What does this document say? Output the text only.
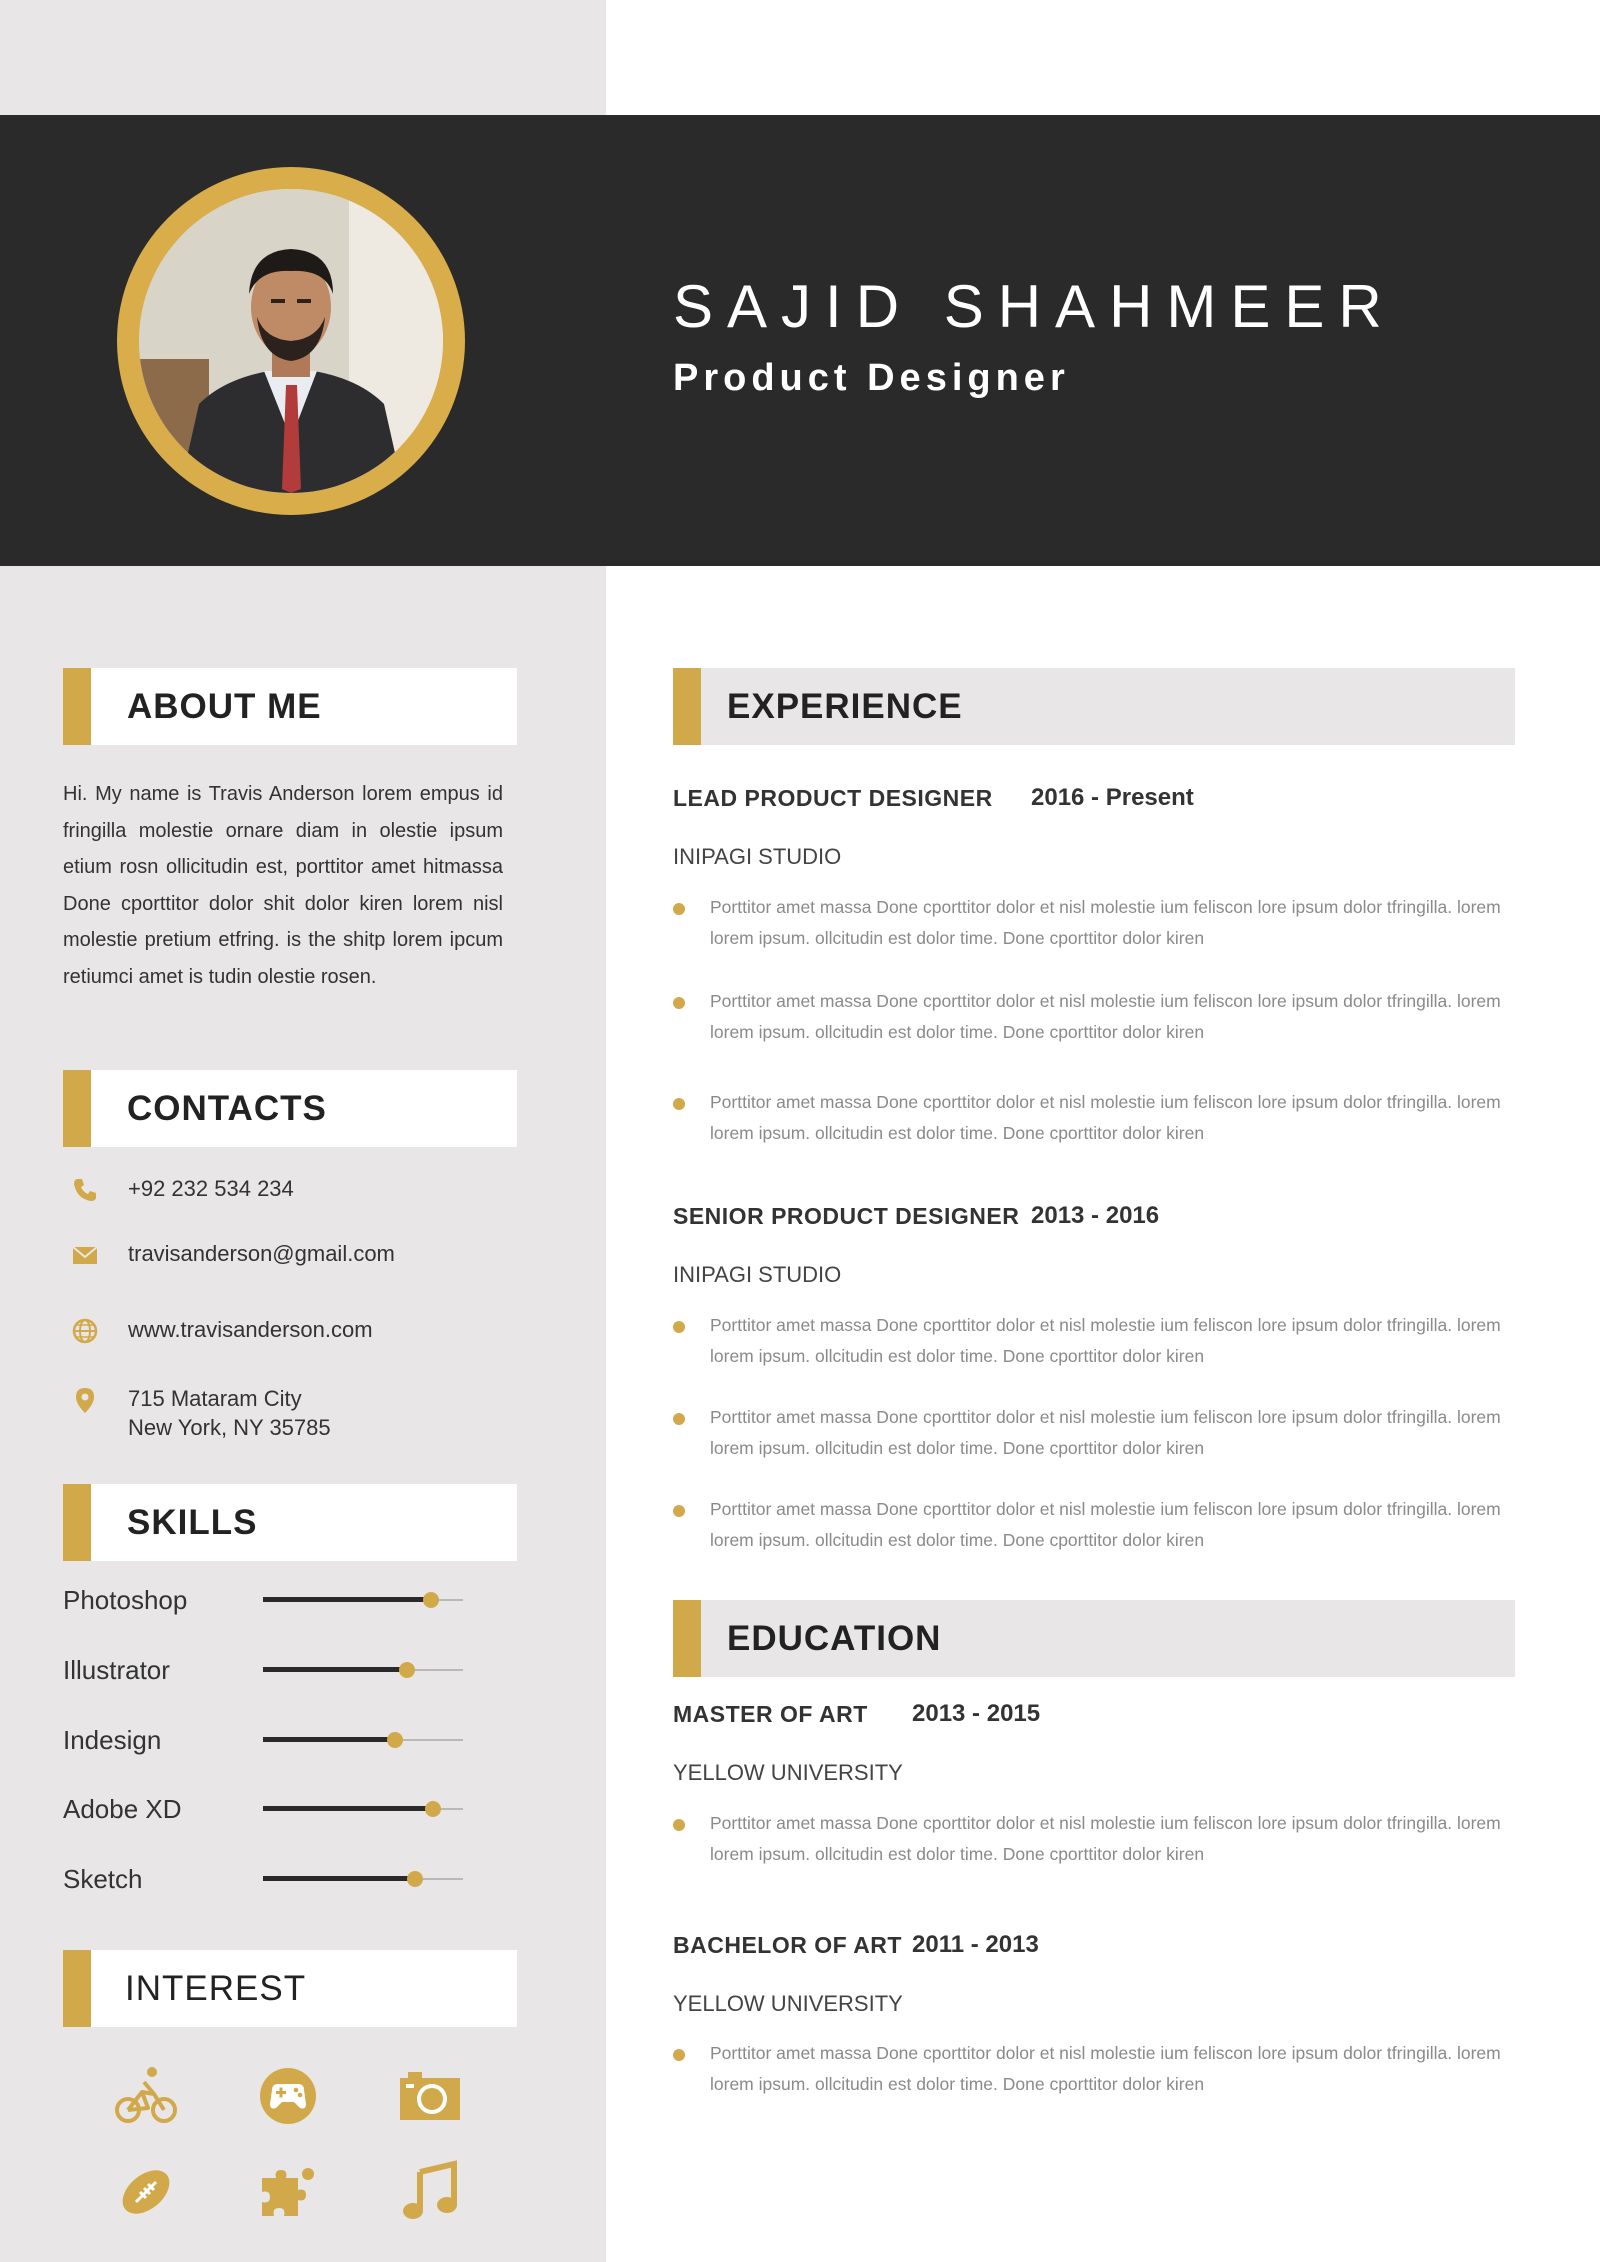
SAJID SHAHMEER
Product Designer
ABOUT ME
Hi. My name is Travis Anderson lorem empus id fringilla molestie ornare diam in olestie ipsum etium rosn ollicitudin est, porttitor amet hitmassa Done cporttitor dolor shit dolor kiren lorem nisl molestie pretium etfring. is the shitp lorem ipcum retiumci amet is tudin olestie rosen.
CONTACTS
+92 232 534 234
travisanderson@gmail.com
www.travisanderson.com
715 Mataram City
New York, NY 35785
SKILLS
Photoshop
Illustrator
Indesign
Adobe XD
Sketch
INTEREST
EXPERIENCE
LEAD PRODUCT DESIGNER 2016 - Present
INIPAGI STUDIO
Porttitor amet massa Done cporttitor dolor et nisl molestie ium feliscon lore ipsum dolor tfringilla. lorem lorem ipsum. ollcitudin est dolor time. Done cporttitor dolor kiren
Porttitor amet massa Done cporttitor dolor et nisl molestie ium feliscon lore ipsum dolor tfringilla. lorem lorem ipsum. ollcitudin est dolor time. Done cporttitor dolor kiren
Porttitor amet massa Done cporttitor dolor et nisl molestie ium feliscon lore ipsum dolor tfringilla. lorem lorem ipsum. ollcitudin est dolor time. Done cporttitor dolor kiren
SENIOR PRODUCT DESIGNER 2013 - 2016
INIPAGI STUDIO
Porttitor amet massa Done cporttitor dolor et nisl molestie ium feliscon lore ipsum dolor tfringilla. lorem lorem ipsum. ollcitudin est dolor time. Done cporttitor dolor kiren
Porttitor amet massa Done cporttitor dolor et nisl molestie ium feliscon lore ipsum dolor tfringilla. lorem lorem ipsum. ollcitudin est dolor time. Done cporttitor dolor kiren
Porttitor amet massa Done cporttitor dolor et nisl molestie ium feliscon lore ipsum dolor tfringilla. lorem lorem ipsum. ollcitudin est dolor time. Done cporttitor dolor kiren
EDUCATION
MASTER OF ART 2013 - 2015
YELLOW UNIVERSITY
Porttitor amet massa Done cporttitor dolor et nisl molestie ium feliscon lore ipsum dolor tfringilla. lorem lorem ipsum. ollcitudin est dolor time. Done cporttitor dolor kiren
BACHELOR OF ART 2011 - 2013
YELLOW UNIVERSITY
Porttitor amet massa Done cporttitor dolor et nisl molestie ium feliscon lore ipsum dolor tfringilla. lorem lorem ipsum. ollcitudin est dolor time. Done cporttitor dolor kiren
